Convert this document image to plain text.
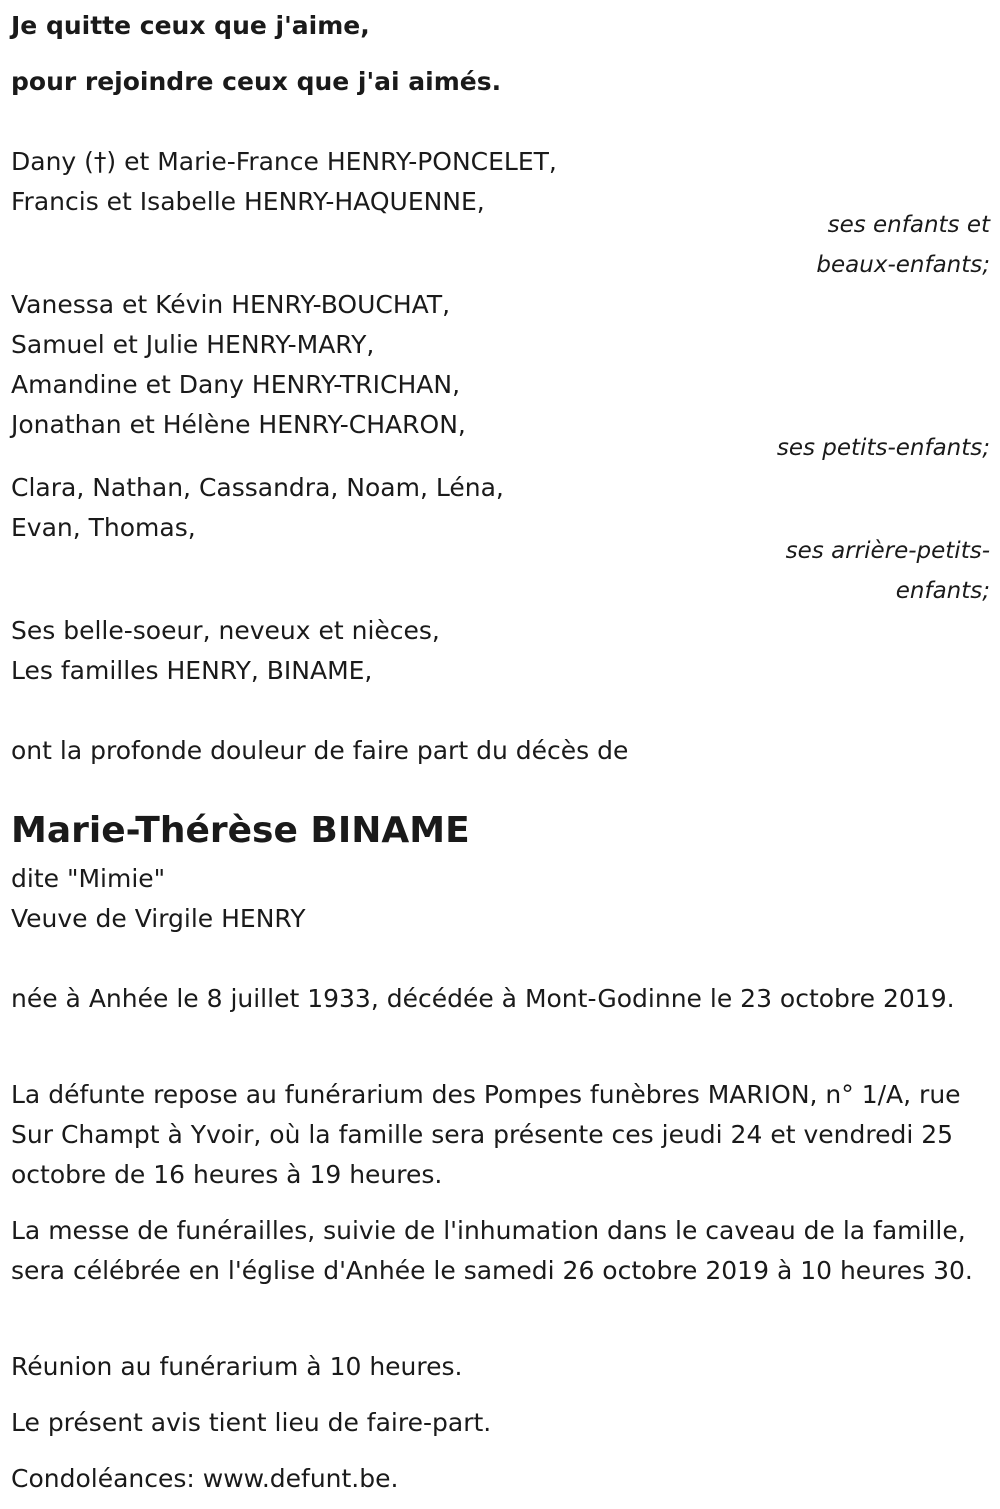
Je quitte ceux que j'aime,

pour rejoindre ceux que j'ai aimés.

Dany (†) et Marie-France HENRY-PONCELET,

Francis et Isabelle HENRY-HAQUENNE,

ses enfants et

beaux-enfants;

Vanessa et Kévin HENRY-BOUCHAT,

Samuel et Julie HENRY-MARY,

Amandine et Dany HENRY-TRICHAN,

Jonathan et Hélène HENRY-CHARON,

ses petits-enfants;

Clara, Nathan, Cassandra, Noam, Léna,

Evan, Thomas,

ses arrière-petits-

enfants;

Ses belle-soeur, neveux et nièces,

Les familles HENRY, BINAME,

ont la profonde douleur de faire part du décès de

Marie-Thérèse BINAME

dite "Mimie"

Veuve de Virgile HENRY

née à Anhée le 8 juillet 1933, décédée à Mont-Godinne le 23 octobre 2019.

La défunte repose au funérarium des Pompes funèbres MARION, n° 1/A, rue Sur Champt à Yvoir, où la famille sera présente ces jeudi 24 et vendredi 25 octobre de 16 heures à 19 heures.

La messe de funérailles, suivie de l'inhumation dans le caveau de la famille, sera célébrée en l'église d'Anhée le samedi 26 octobre 2019 à 10 heures 30.

Réunion au funérarium à 10 heures.

Le présent avis tient lieu de faire-part.

Condoléances: www.defunt.be.
